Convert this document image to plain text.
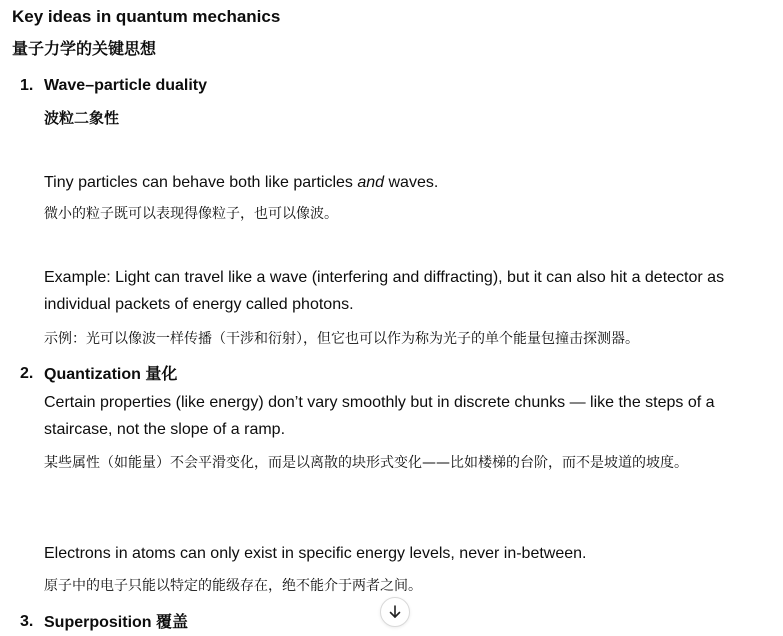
Key ideas in quantum mechanics
量子力学的关键思想
1. Wave–particle duality
波粒二象性
Tiny particles can behave both like particles and waves.
微小的粒子既可以表现得像粒子，也可以像波。
Example: Light can travel like a wave (interfering and diffracting), but it can also hit a detector as individual packets of energy called photons.
示例：光可以像波一样传播（干涉和衍射），但它也可以作为称为光子的单个能量包撞击探测器。
2. Quantization 量化
Certain properties (like energy) don’t vary smoothly but in discrete chunks — like the steps of a staircase, not the slope of a ramp.
某些属性（如能量）不会平滑变化，而是以离散的块形式变化——比如楼梯的台阶，而不是坡道的坡度。
Electrons in atoms can only exist in specific energy levels, never in-between.
原子中的电子只能以特定的能级存在，绝不能介于两者之间。
3. Superposition 覆盖
